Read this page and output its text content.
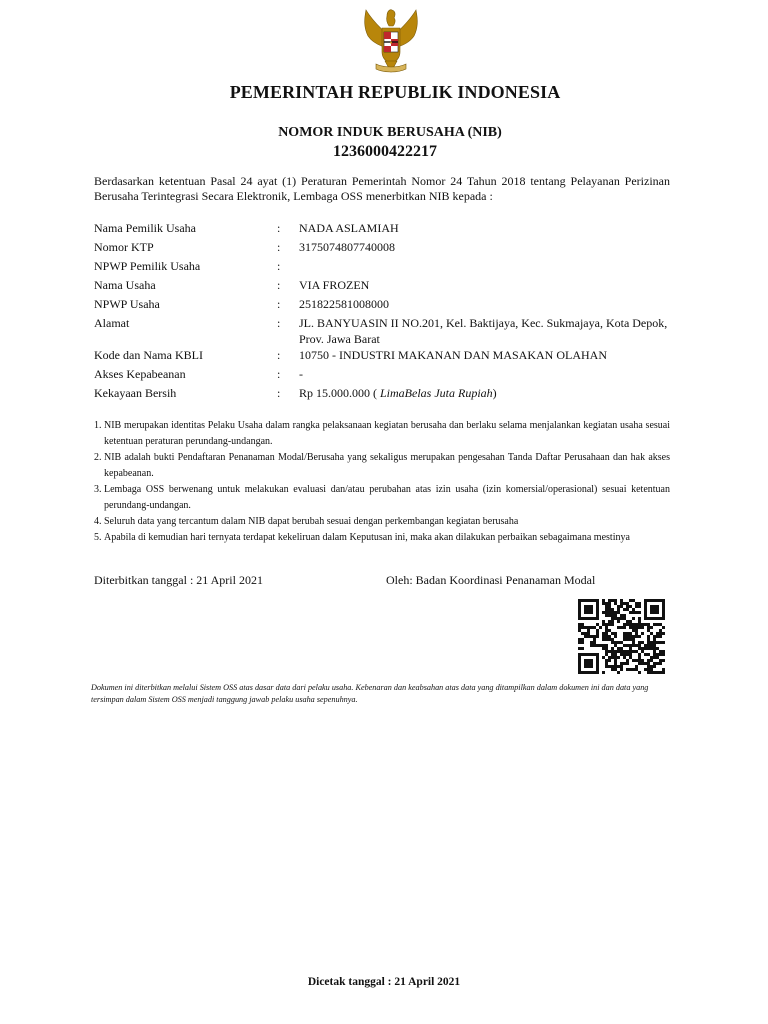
PEMERINTAH REPUBLIK INDONESIA
NOMOR INDUK BERUSAHA (NIB)
1236000422217
Berdasarkan ketentuan Pasal 24 ayat (1) Peraturan Pemerintah Nomor 24 Tahun 2018 tentang Pelayanan Perizinan Berusaha Terintegrasi Secara Elektronik, Lembaga OSS menerbitkan NIB kepada :
Nama Pemilik Usaha	: NADA ASLAMIAH
Nomor KTP	: 3175074807740008
NPWP Pemilik Usaha	:
Nama Usaha	: VIA FROZEN
NPWP Usaha	: 251822581008000
Alamat	: JL. BANYUASIN II NO.201, Kel. Baktijaya, Kec. Sukmajaya, Kota Depok, Prov. Jawa Barat
Kode dan Nama KBLI	: 10750 - INDUSTRI MAKANAN DAN MASAKAN OLAHAN
Akses Kepabeanan	: -
Kekayaan Bersih	: Rp 15.000.000 ( LimaBelas Juta Rupiah)
1. NIB merupakan identitas Pelaku Usaha dalam rangka pelaksanaan kegiatan berusaha dan berlaku selama menjalankan kegiatan usaha sesuai ketentuan peraturan perundang-undangan.
2. NIB adalah bukti Pendaftaran Penanaman Modal/Berusaha yang sekaligus merupakan pengesahan Tanda Daftar Perusahaan dan hak akses kepabeanan.
3. Lembaga OSS berwenang untuk melakukan evaluasi dan/atau perubahan atas izin usaha (izin komersial/operasional) sesuai ketentuan perundang-undangan.
4. Seluruh data yang tercantum dalam NIB dapat berubah sesuai dengan perkembangan kegiatan berusaha
5. Apabila di kemudian hari ternyata terdapat kekeliruan dalam Keputusan ini, maka akan dilakukan perbaikan sebagaimana mestinya
Diterbitkan tanggal : 21 April 2021	Oleh: Badan Koordinasi Penanaman Modal
Dokumen ini diterbitkan melalui Sistem OSS atas dasar data dari pelaku usaha. Kebenaran dan keabsahan atas data yang ditampilkan dalam dokumen ini dan data yang tersimpan dalam Sistem OSS menjadi tanggung jawab pelaku usaha sepenuhnya.
Dicetak tanggal : 21 April 2021
